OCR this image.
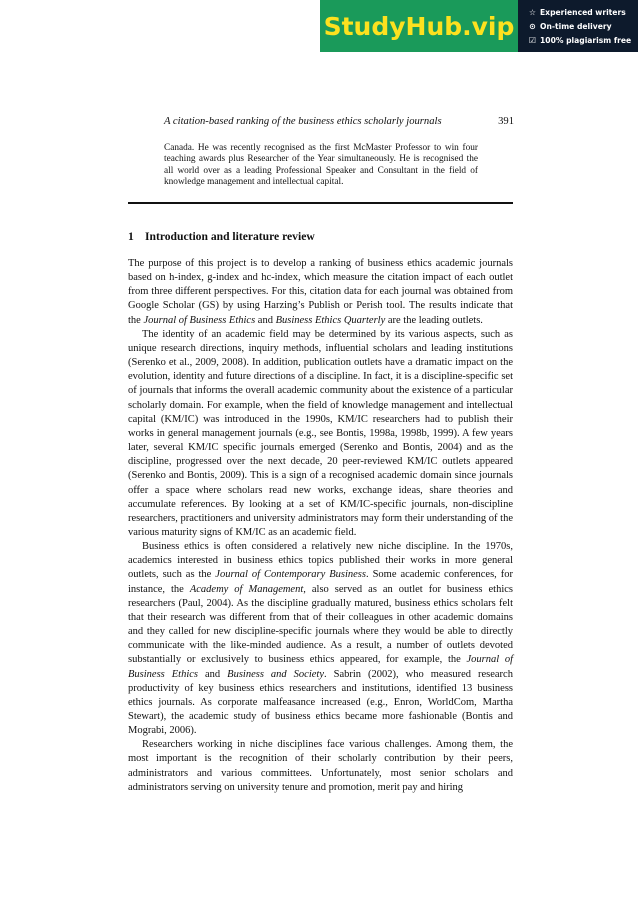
StudyHub.vip	☆ Experienced writers
⊙ On-time delivery
☑ 100% plagiarism free
A citation-based ranking of the business ethics scholarly journals	391
Canada. He was recently recognised as the first McMaster Professor to win four teaching awards plus Researcher of the Year simultaneously. He is recognised the all world over as a leading Professional Speaker and Consultant in the field of knowledge management and intellectual capital.
1 Introduction and literature review

The purpose of this project is to develop a ranking of business ethics academic journals based on h-index, g-index and hc-index, which measure the citation impact of each outlet from three different perspectives. For this, citation data for each journal was obtained from Google Scholar (GS) by using Harzing’s Publish or Perish tool. The results indicate that the Journal of Business Ethics and Business Ethics Quarterly are the leading outlets.

The identity of an academic field may be determined by its various aspects, such as unique research directions, inquiry methods, influential scholars and leading institutions (Serenko et al., 2009, 2008). In addition, publication outlets have a dramatic impact on the evolution, identity and future directions of a discipline. In fact, it is a discipline-specific set of journals that informs the overall academic community about the existence of a particular scholarly domain. For example, when the field of knowledge management and intellectual capital (KM/IC) was introduced in the 1990s, KM/IC researchers had to publish their works in general management journals (e.g., see Bontis, 1998a, 1998b, 1999). A few years later, several KM/IC specific journals emerged (Serenko and Bontis, 2004) and as the discipline, progressed over the next decade, 20 peer-reviewed KM/IC outlets appeared (Serenko and Bontis, 2009). This is a sign of a recognised academic domain since journals offer a space where scholars read new works, exchange ideas, share theories and accumulate references. By looking at a set of KM/IC-specific journals, non-discipline researchers, practitioners and university administrators may form their understanding of the various maturity signs of KM/IC as an academic field.

Business ethics is often considered a relatively new niche discipline. In the 1970s, academics interested in business ethics topics published their works in more general outlets, such as the Journal of Contemporary Business. Some academic conferences, for instance, the Academy of Management, also served as an outlet for business ethics researchers (Paul, 2004). As the discipline gradually matured, business ethics scholars felt that their research was different from that of their colleagues in other academic domains and they called for new discipline-specific journals where they would be able to directly communicate with the like-minded audience. As a result, a number of outlets devoted substantially or exclusively to business ethics appeared, for example, the Journal of Business Ethics and Business and Society. Sabrin (2002), who measured research productivity of key business ethics researchers and institutions, identified 13 business ethics journals. As corporate malfeasance increased (e.g., Enron, WorldCom, Martha Stewart), the academic study of business ethics became more fashionable (Bontis and Mograbi, 2006).

Researchers working in niche disciplines face various challenges. Among them, the most important is the recognition of their scholarly contribution by their peers, administrators and various committees. Unfortunately, most senior scholars and administrators serving on university tenure and promotion, merit pay and hiring
